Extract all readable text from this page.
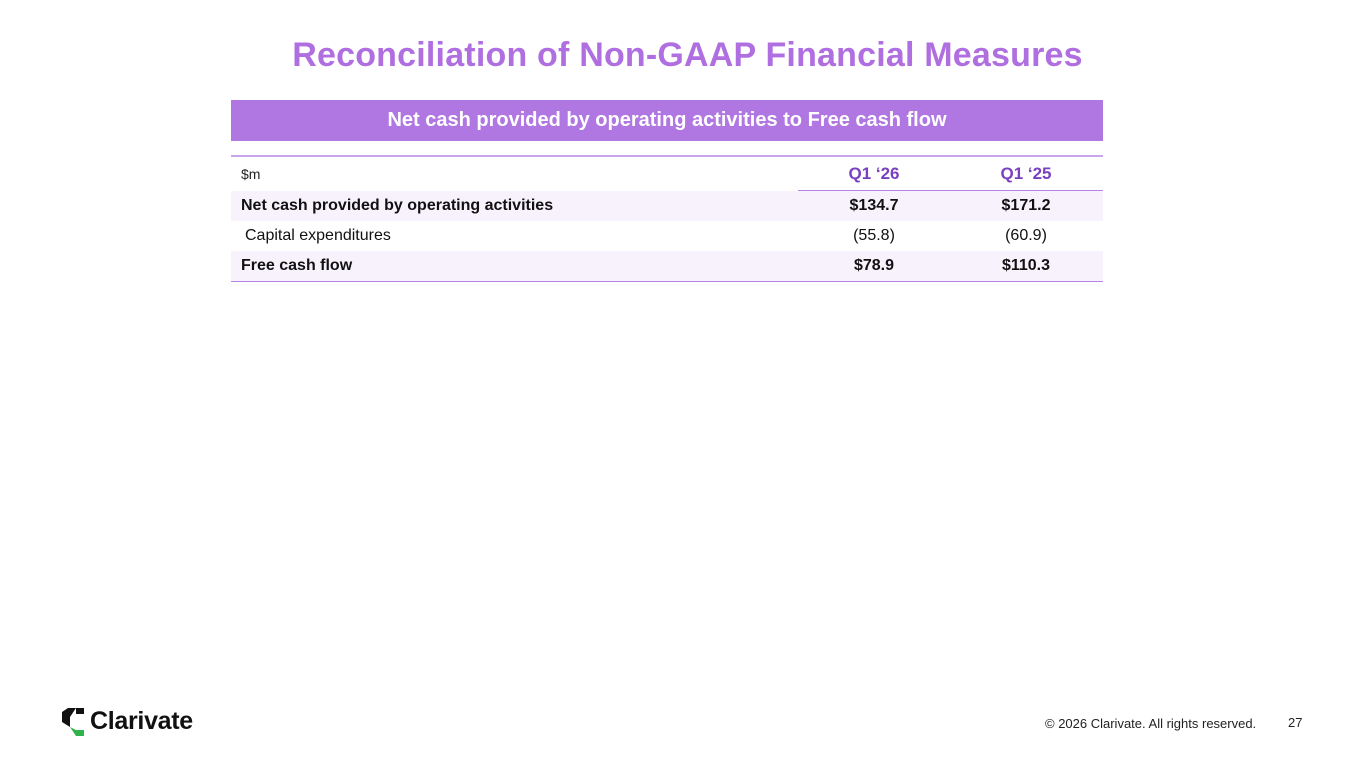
Reconciliation of Non-GAAP Financial Measures
Net cash provided by operating activities to Free cash flow
$m	Q1 ‘26	Q1 ‘25
Net cash provided by operating activities	$134.7	$171.2
Capital expenditures	(55.8)	(60.9)
Free cash flow	$78.9	$110.3
Clarivate	© 2026 Clarivate. All rights reserved. 27
